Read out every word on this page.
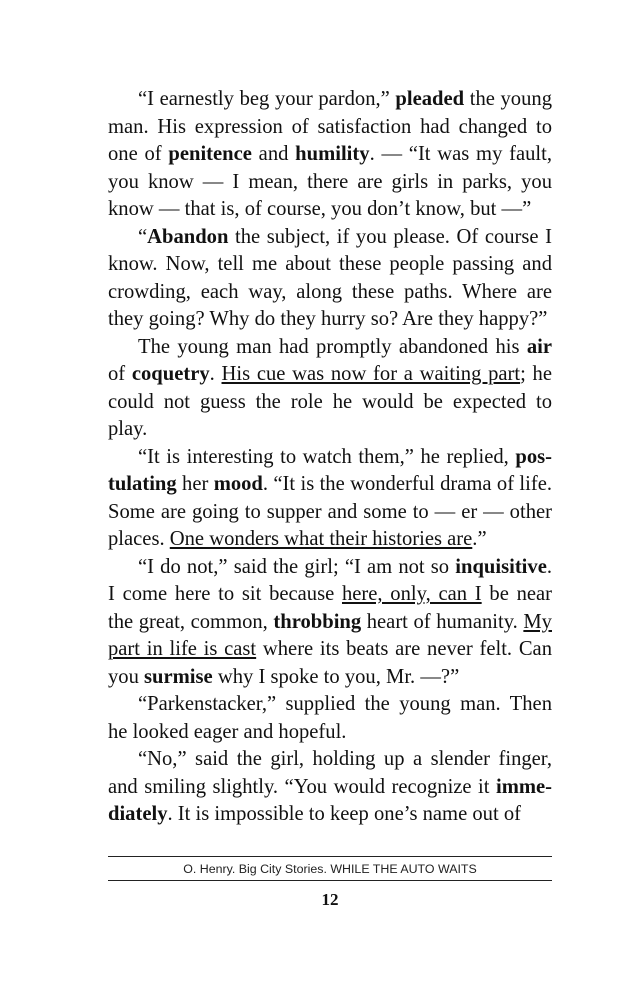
“I earnestly beg your pardon,” pleaded the young man. His expression of satisfaction had changed to one of penitence and humility. — “It was my fault, you know — I mean, there are girls in parks, you know — that is, of course, you don’t know, but —”

“Abandon the subject, if you please. Of course I know. Now, tell me about these people passing and crowding, each way, along these paths. Where are they going? Why do they hurry so? Are they happy?”

The young man had promptly abandoned his air of coquetry. His cue was now for a waiting part; he could not guess the role he would be expected to play.

“It is interesting to watch them,” he replied, postulating her mood. “It is the wonderful drama of life. Some are going to supper and some to — er — other places. One wonders what their histories are.”

“I do not,” said the girl; “I am not so inquisitive. I come here to sit because here, only, can I be near the great, common, throbbing heart of humanity. My part in life is cast where its beats are never felt. Can you surmise why I spoke to you, Mr. —?”

“Parkenstacker,” supplied the young man. Then he looked eager and hopeful.

“No,” said the girl, holding up a slender finger, and smiling slightly. “You would recognize it immediately. It is impossible to keep one’s name out of

O. Henry. Big City Stories. WHILE THE AUTO WAITS
12
